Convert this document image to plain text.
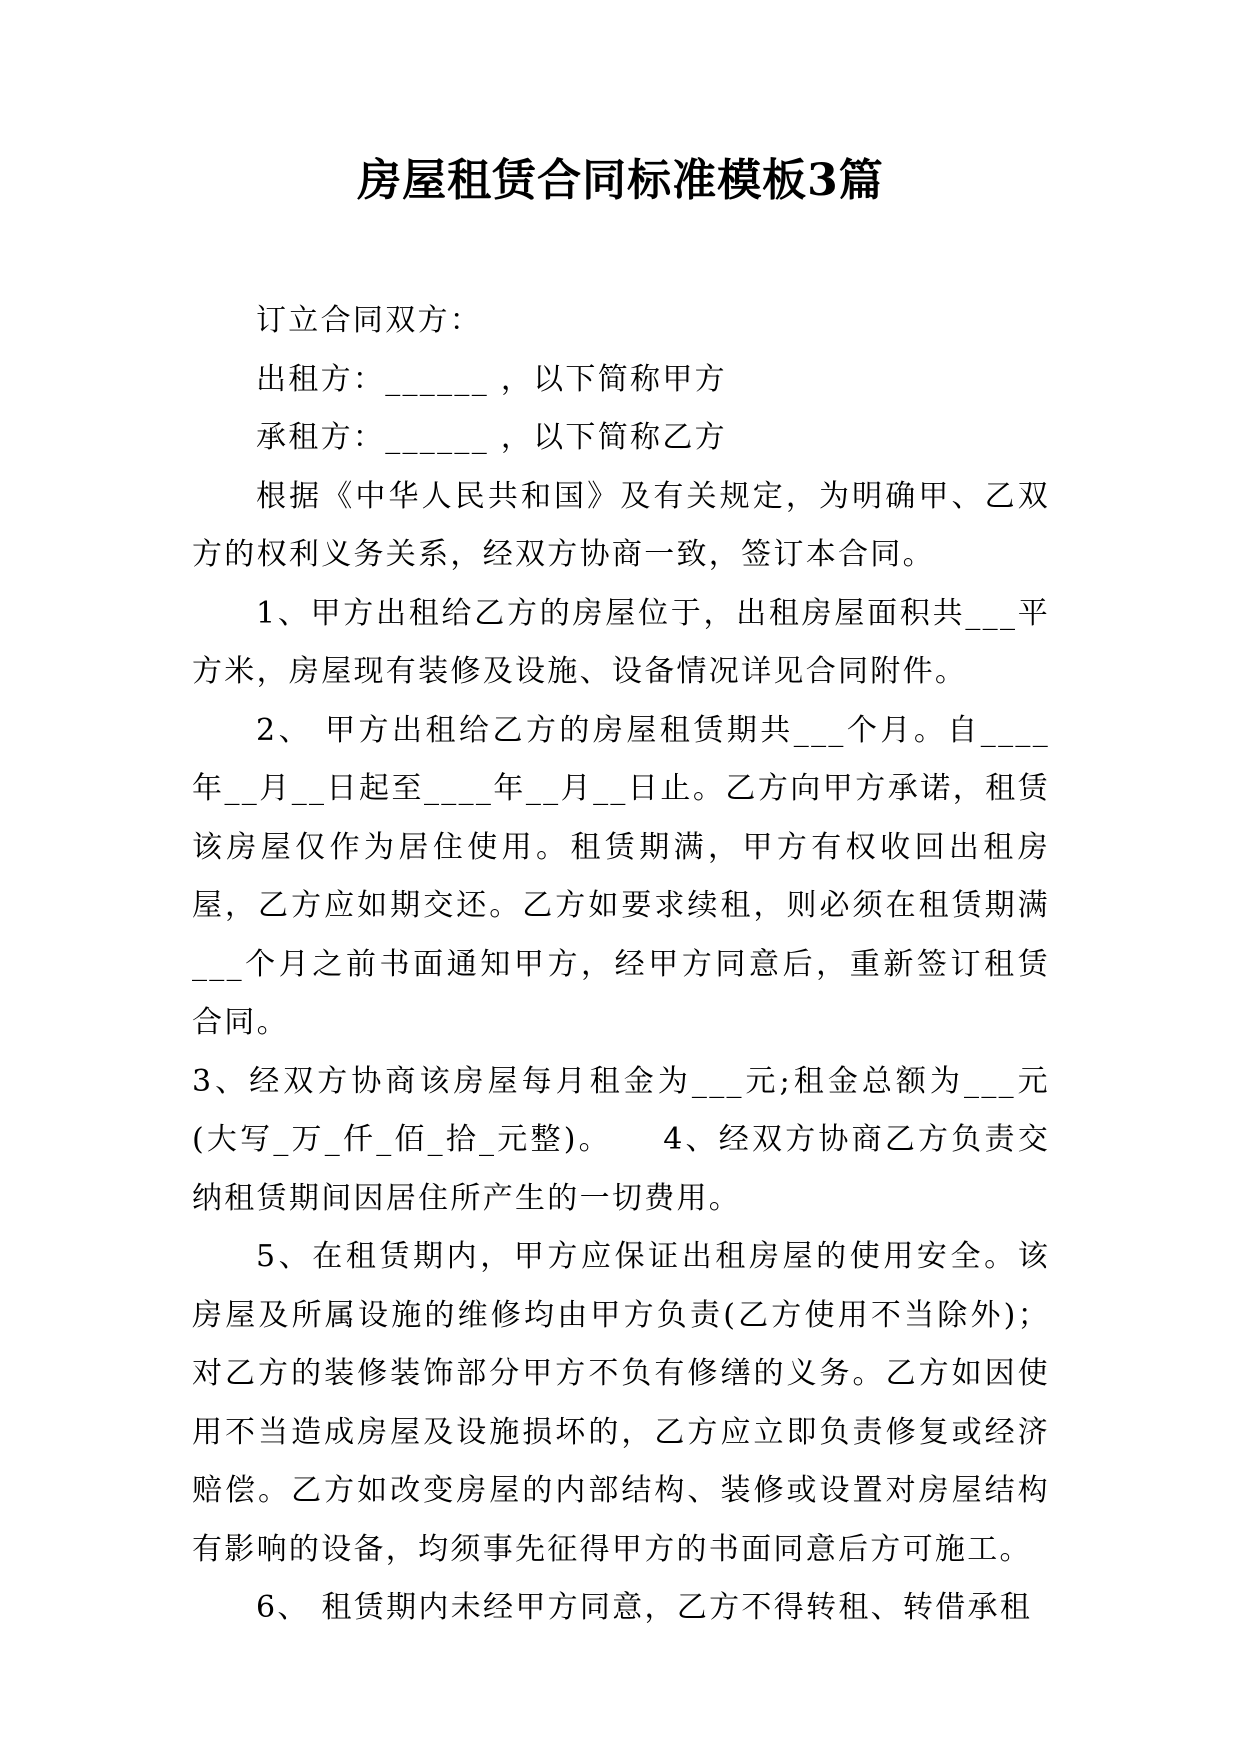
房屋租赁合同标准模板3篇

订立合同双方：

出租方：______ ，以下简称甲方

承租方：______ ，以下简称乙方

根据《中华人民共和国》及有关规定，为明确甲、乙双方的权利义务关系，经双方协商一致，签订本合同。

1、甲方出租给乙方的房屋位于，出租房屋面积共___平方米，房屋现有装修及设施、设备情况详见合同附件。

2、 甲方出租给乙方的房屋租赁期共___个月。自____年__月__日起至____年__月__日止。乙方向甲方承诺，租赁该房屋仅作为居住使用。租赁期满，甲方有权收回出租房屋，乙方应如期交还。乙方如要求续租，则必须在租赁期满___个月之前书面通知甲方，经甲方同意后，重新签订租赁合同。

3、经双方协商该房屋每月租金为___元;租金总额为___元(大写_万_仟_佰_拾_元整)。　　4、经双方协商乙方负责交纳租赁期间因居住所产生的一切费用。

5、在租赁期内，甲方应保证出租房屋的使用安全。该房屋及所属设施的维修均由甲方负责(乙方使用不当除外)；对乙方的装修装饰部分甲方不负有修缮的义务。乙方如因使用不当造成房屋及设施损坏的，乙方应立即负责修复或经济赔偿。乙方如改变房屋的内部结构、装修或设置对房屋结构有影响的设备，均须事先征得甲方的书面同意后方可施工。

6、 租赁期内未经甲方同意，乙方不得转租、转借承租
